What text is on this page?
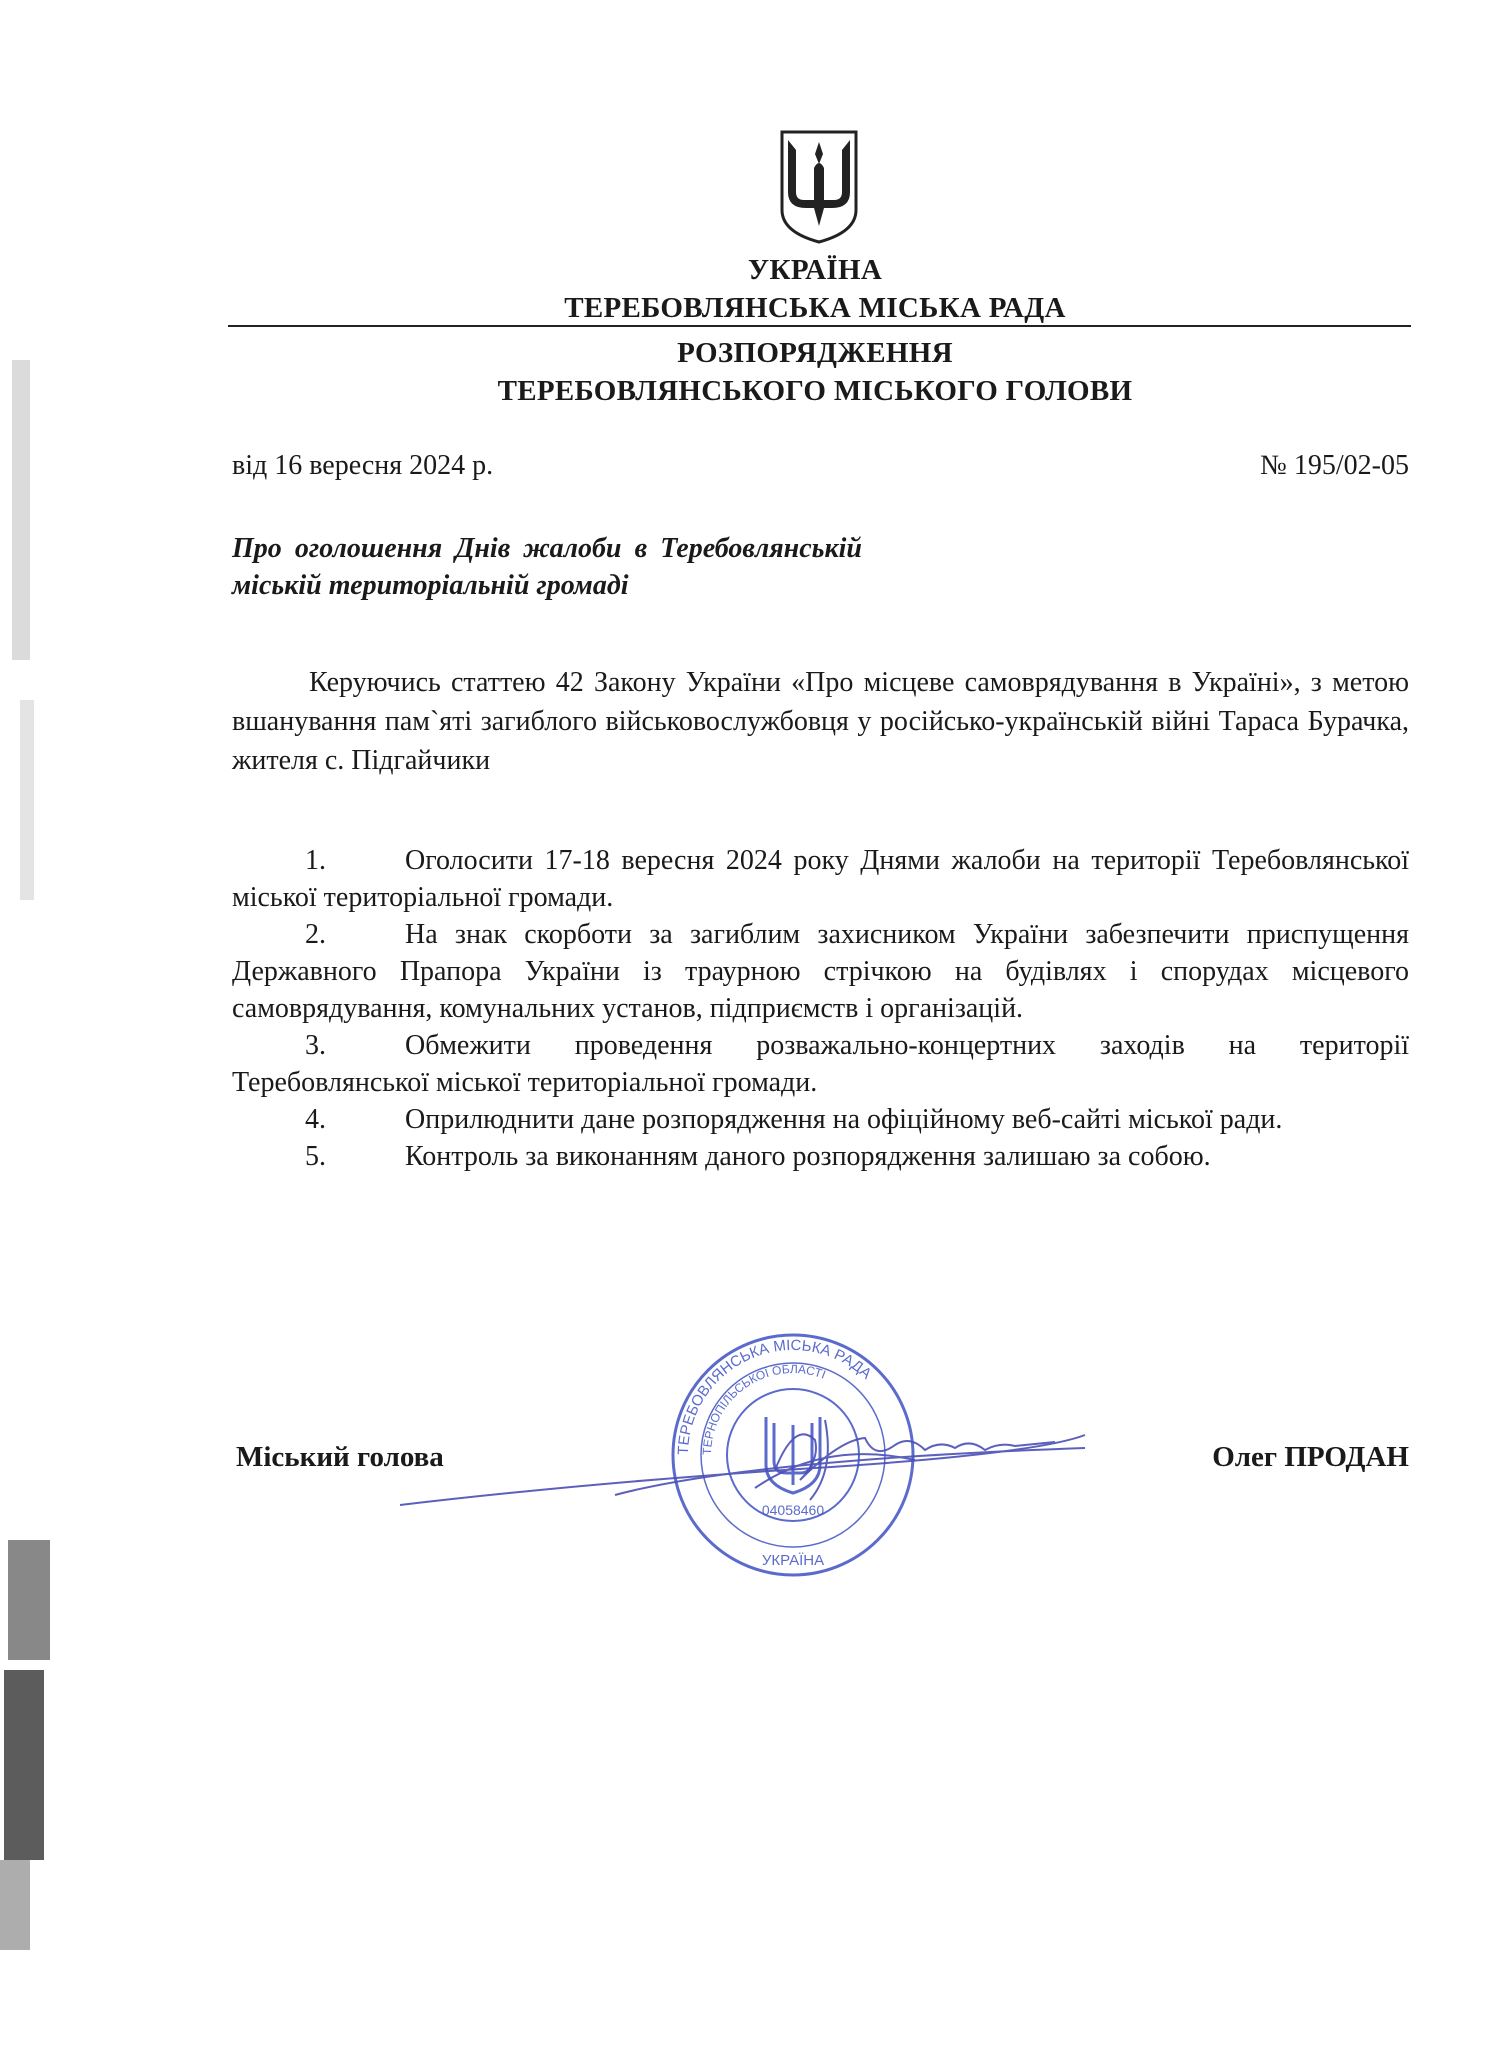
УКРАЇНА
ТЕРЕБОВЛЯНСЬКА МІСЬКА РАДА
РОЗПОРЯДЖЕННЯ
ТЕРЕБОВЛЯНСЬКОГО МІСЬКОГО ГОЛОВИ
від 16 вересня 2024 р.	№ 195/02-05
Про оголошення Днів жалоби в Теребовлянській міській територіальній громаді
Керуючись статтею 42 Закону України «Про місцеве самоврядування в Україні», з метою вшанування пам`яті загиблого військовослужбовця у російсько-українській війні Тараса Бурачка, жителя с. Підгайчики

1.	Оголосити 17-18 вересня 2024 року Днями жалоби на території Теребовлянської міської територіальної громади.

2.	На знак скорботи за загиблим захисником України забезпечити приспущення Державного Прапора України із траурною стрічкою на будівлях і спорудах місцевого самоврядування, комунальних установ, підприємств і організацій.

3.	Обмежити проведення розважально-концертних заходів на території Теребовлянської міської територіальної громади.

4.	Оприлюднити дане розпорядження на офіційному веб-сайті міської ради.

5.	Контроль за виконанням даного розпорядження залишаю за собою.

ТЕРЕБОВЛЯНСЬКА МІСЬКА РАДА
ТЕРНОПІЛЬСЬКОЇ ОБЛАСТІ
04058460
УКРАЇНА
Міський голова	Олег ПРОДАН
